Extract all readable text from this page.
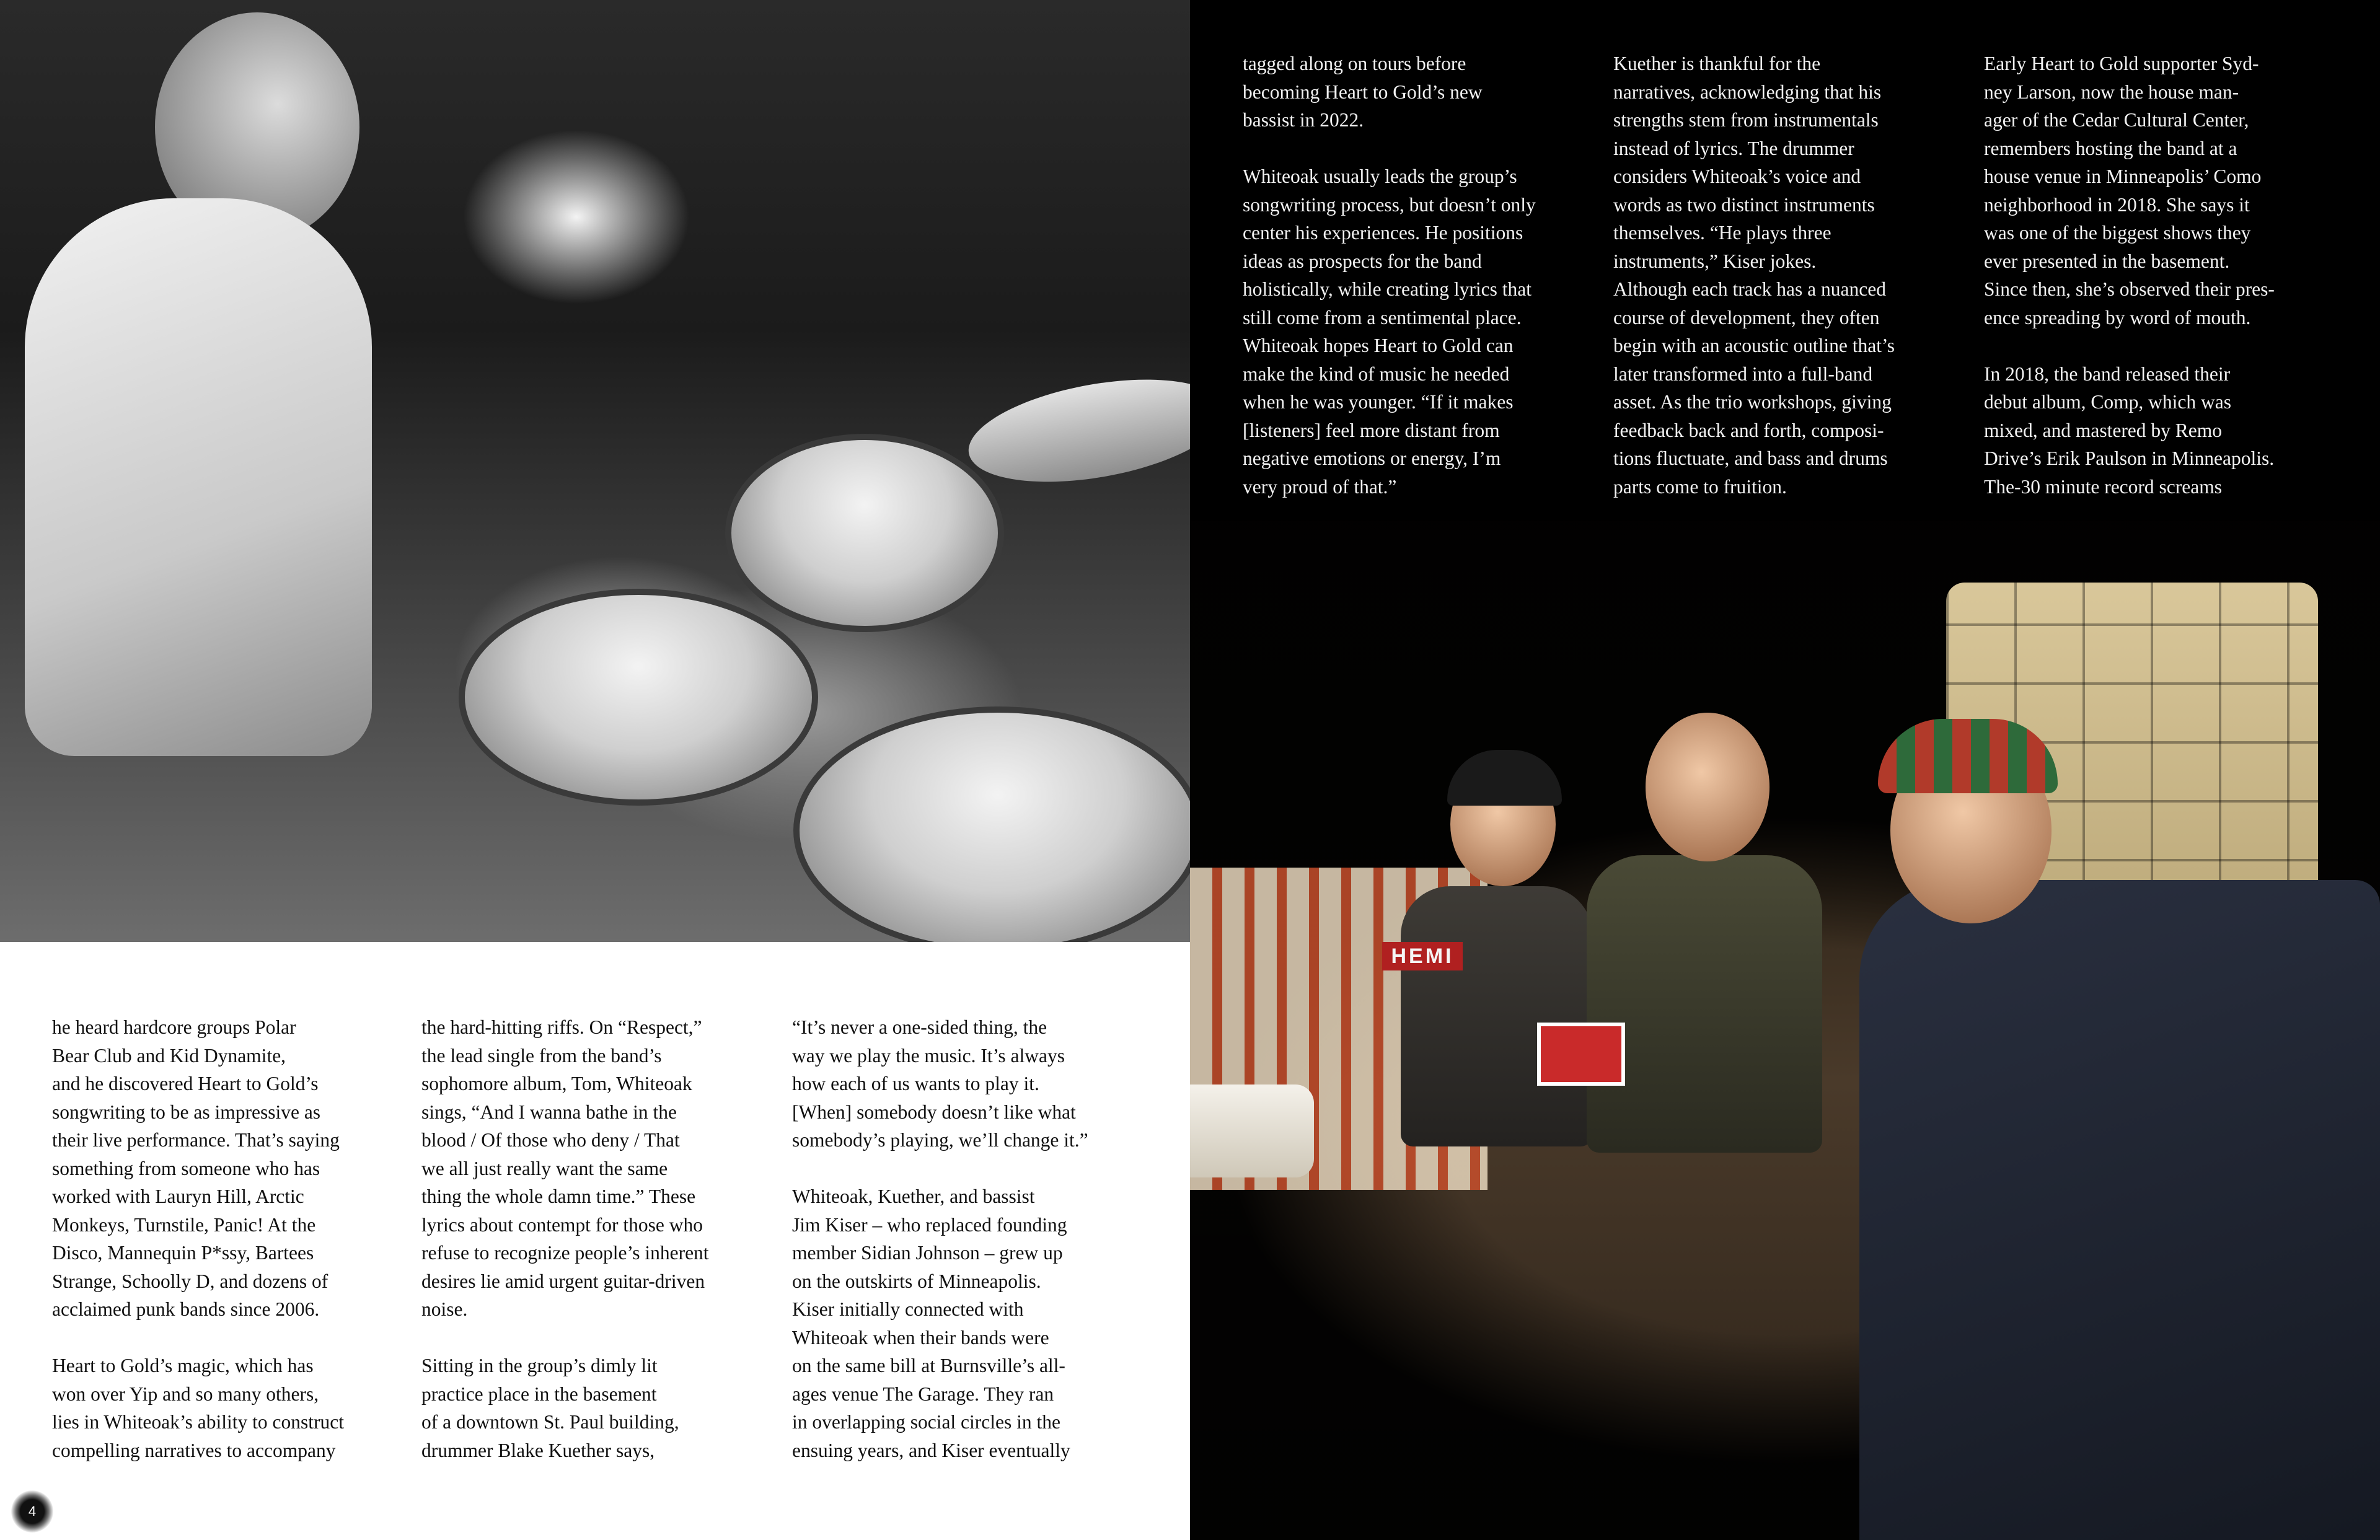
he heard hardcore groups Polar
Bear Club and Kid Dynamite,
and he discovered Heart to Gold’s
songwriting to be as impressive as
their live performance. That’s saying
something from someone who has
worked with Lauryn Hill, Arctic
Monkeys, Turnstile, Panic! At the
Disco, Mannequin P*ssy, Bartees
Strange, Schoolly D, and dozens of
acclaimed punk bands since 2006.

Heart to Gold’s magic, which has
won over Yip and so many others,
lies in Whiteoak’s ability to construct
compelling narratives to accompany
the hard-hitting riffs. On “Respect,”
the lead single from the band’s
sophomore album, Tom, Whiteoak
sings, “And I wanna bathe in the
blood / Of those who deny / That
we all just really want the same
thing the whole damn time.” These
lyrics about contempt for those who
refuse to recognize people’s inherent
desires lie amid urgent guitar-driven
noise.

Sitting in the group’s dimly lit
practice place in the basement
of a downtown St. Paul building,
drummer Blake Kuether says,
“It’s never a one-sided thing, the
way we play the music. It’s always
how each of us wants to play it.
[When] somebody doesn’t like what
somebody’s playing, we’ll change it.”

Whiteoak, Kuether, and bassist
Jim Kiser – who replaced founding
member Sidian Johnson – grew up
on the outskirts of Minneapolis.
Kiser initially connected with
Whiteoak when their bands were
on the same bill at Burnsville’s all-
ages venue The Garage. They ran
in overlapping social circles in the
ensuing years, and Kiser eventually
4
tagged along on tours before
becoming Heart to Gold’s new
bassist in 2022.

Whiteoak usually leads the group’s
songwriting process, but doesn’t only
center his experiences. He positions
ideas as prospects for the band
holistically, while creating lyrics that
still come from a sentimental place.
Whiteoak hopes Heart to Gold can
make the kind of music he needed
when he was younger. “If it makes
[listeners] feel more distant from
negative emotions or energy, I’m
very proud of that.”
Kuether is thankful for the
narratives, acknowledging that his
strengths stem from instrumentals
instead of lyrics. The drummer
considers Whiteoak’s voice and
words as two distinct instruments
themselves. “He plays three
instruments,” Kiser jokes.
Although each track has a nuanced
course of development, they often
begin with an acoustic outline that’s
later transformed into a full-band
asset. As the trio workshops, giving
feedback back and forth, composi-
tions fluctuate, and bass and drums
parts come to fruition.
Early Heart to Gold supporter Syd-
ney Larson, now the house man-
ager of the Cedar Cultural Center,
remembers hosting the band at a
house venue in Minneapolis’ Como
neighborhood in 2018. She says it
was one of the biggest shows they
ever presented in the basement.
Since then, she’s observed their pres-
ence spreading by word of mouth.

In 2018, the band released their
debut album, Comp, which was
mixed, and mastered by Remo
Drive’s Erik Paulson in Minneapolis.
The-30 minute record screams
HEMI
